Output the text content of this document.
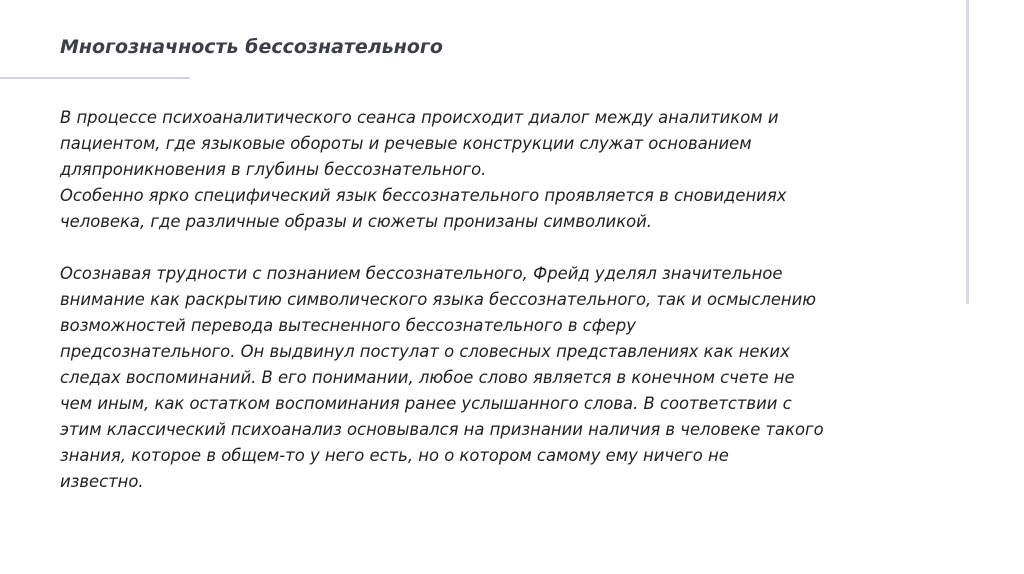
Многозначность бессознательного
В процессе психоаналитического сеанса происходит диалог между аналитиком и
пациентом, где языковые обороты и речевые конструкции служат основанием
дляпроникновения в глубины бессознательного.
Особенно ярко специфический язык бессознательного проявляется в сновидениях
человека, где различные образы и сюжеты пронизаны символикой.
Осознавая трудности с познанием бессознательного, Фрейд уделял значительное
внимание как раскрытию символического языка бессознательного, так и осмыслению
возможностей перевода вытесненного бессознательного в сферу
предсознательного. Он выдвинул постулат о словесных представлениях как неких
следах воспоминаний. В его понимании, любое слово является в конечном счете не
чем иным, как остатком воспоминания ранее услышанного слова. В соответствии с
этим классический психоанализ основывался на признании наличия в человеке такого
знания, которое в общем-то у него есть, но о котором самому ему ничего не
известно.
